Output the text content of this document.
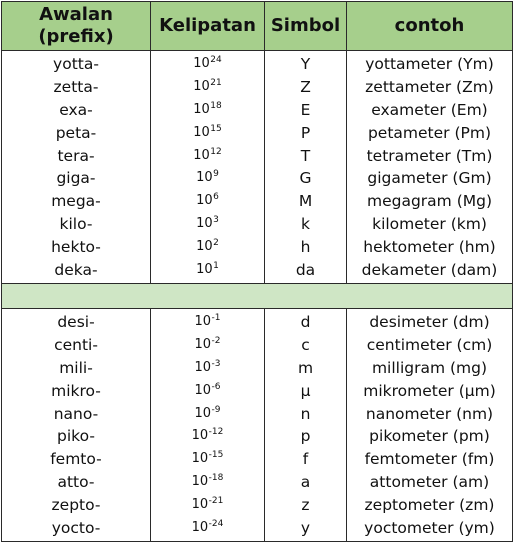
Awalan
(prefix)	Kelipatan	Simbol	contoh
yotta-	$10^{24}$	Y	yottameter (Ym)
zetta-	$10^{21}$	Z	zettameter (Zm)
exa-	$10^{18}$	E	exameter (Em)
peta-	$10^{15}$	P	petameter (Pm)
tera-	$10^{12}$	T	tetrameter (Tm)
giga-	$10^9$	G	gigameter (Gm)
mega-	$10^6$	M	megagram (Mg)
kilo-	$10^3$	k	kilometer (km)
hekto-	$10^2$	h	hektometer (hm)
deka-	$10^1$	da	dekameter (dam)

desi-	$10^{-1}$	d	desimeter (dm)
centi-	$10^{-2}$	c	centimeter (cm)
mili-	$10^{-3}$	m	milligram (mg)
mikro-	$10^{-6}$	μ	mikrometer (μm)
nano-	$10^{-9}$	n	nanometer (nm)
piko-	$10^{-12}$	p	pikometer (pm)
femto-	$10^{-15}$	f	femtometer (fm)
atto-	$10^{-18}$	a	attometer (am)
zepto-	$10^{-21}$	z	zeptometer (zm)
yocto-	$10^{-24}$	y	yoctometer (ym)
